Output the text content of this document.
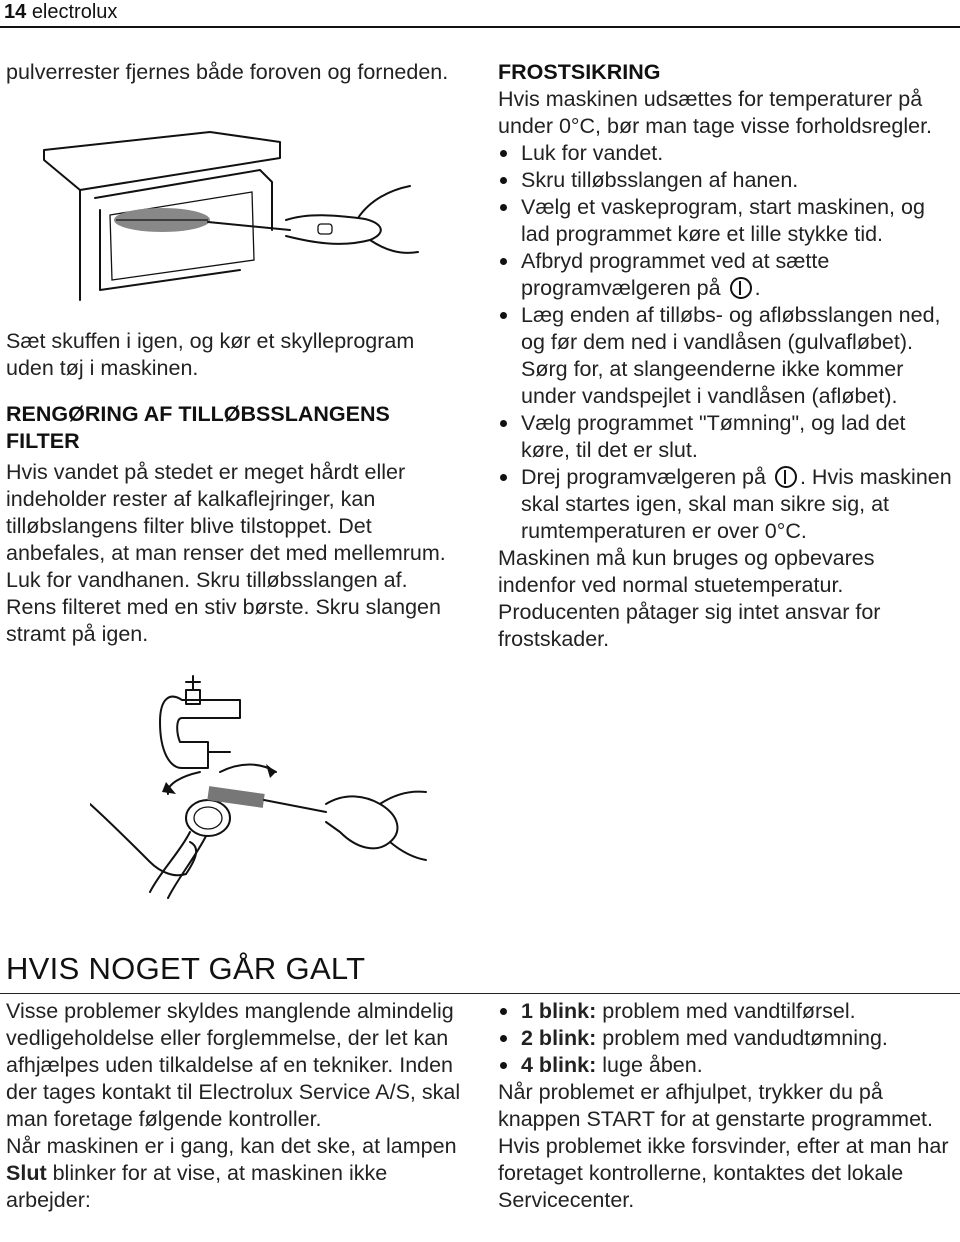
14 electrolux
pulverrester fjernes både foroven og forneden.
Sæt skuffen i igen, og kør et skylleprogram uden tøj i maskinen.
RENGØRING AF TILLØBSSLANGENS FILTER
Hvis vandet på stedet er meget hårdt eller indeholder rester af kalkaflejringer, kan tilløbslangens filter blive tilstoppet. Det anbefales, at man renser det med mellemrum. Luk for vandhanen. Skru tilløbsslangen af. Rens filteret med en stiv børste. Skru slangen stramt på igen.
FROSTSIKRING
Hvis maskinen udsættes for temperaturer på under 0°C, bør man tage visse forholdsregler.
Luk for vandet.
Skru tilløbsslangen af hanen.
Vælg et vaskeprogram, start maskinen, og lad programmet køre et lille stykke tid.
Afbryd programmet ved at sætte programvælgeren på .
Læg enden af tilløbs- og afløbsslangen ned, og før dem ned i vandlåsen (gulvafløbet). Sørg for, at slangeenderne ikke kommer under vandspejlet i vandlåsen (afløbet).
Vælg programmet "Tømning", og lad det køre, til det er slut.
Drej programvælgeren på . Hvis maskinen skal startes igen, skal man sikre sig, at rumtemperaturen er over 0°C.
Maskinen må kun bruges og opbevares indenfor ved normal stuetemperatur. Producenten påtager sig intet ansvar for frostskader.
HVIS NOGET GÅR GALT
Visse problemer skyldes manglende almindelig vedligeholdelse eller forglemmelse, der let kan afhjælpes uden tilkaldelse af en tekniker. Inden der tages kontakt til Electrolux Service A/S, skal man foretage følgende kontroller.
Når maskinen er i gang, kan det ske, at lampen Slut blinker for at vise, at maskinen ikke arbejder:
1 blink: problem med vandtilførsel.
2 blink: problem med vandudtømning.
4 blink: luge åben.
Når problemet er afhjulpet, trykker du på knappen START for at genstarte programmet. Hvis problemet ikke forsvinder, efter at man har foretaget kontrollerne, kontaktes det lokale Servicecenter.
